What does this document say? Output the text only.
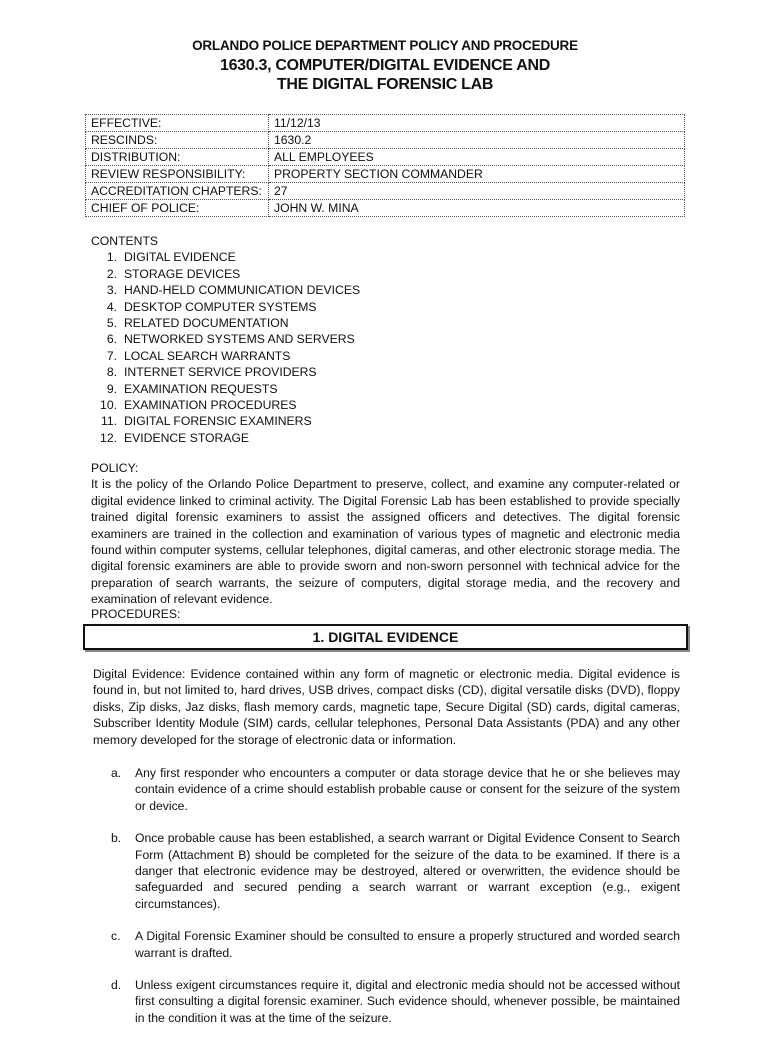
ORLANDO POLICE DEPARTMENT POLICY AND PROCEDURE
1630.3, COMPUTER/DIGITAL EVIDENCE AND
THE DIGITAL FORENSIC LAB
EFFECTIVE:	11/12/13
RESCINDS:	1630.2
DISTRIBUTION:	ALL EMPLOYEES
REVIEW RESPONSIBILITY:	PROPERTY SECTION COMMANDER
ACCREDITATION CHAPTERS:	27
CHIEF OF POLICE:	JOHN W. MINA
CONTENTS
1. DIGITAL EVIDENCE
2. STORAGE DEVICES
3. HAND-HELD COMMUNICATION DEVICES
4. DESKTOP COMPUTER SYSTEMS
5. RELATED DOCUMENTATION
6. NETWORKED SYSTEMS AND SERVERS
7. LOCAL SEARCH WARRANTS
8. INTERNET SERVICE PROVIDERS
9. EXAMINATION REQUESTS
10. EXAMINATION PROCEDURES
11. DIGITAL FORENSIC EXAMINERS
12. EVIDENCE STORAGE
POLICY:

It is the policy of the Orlando Police Department to preserve, collect, and examine any computer-related or digital evidence linked to criminal activity. The Digital Forensic Lab has been established to provide specially trained digital forensic examiners to assist the assigned officers and detectives. The digital forensic examiners are trained in the collection and examination of various types of magnetic and electronic media found within computer systems, cellular telephones, digital cameras, and other electronic storage media. The digital forensic examiners are able to provide sworn and non-sworn personnel with technical advice for the preparation of search warrants, the seizure of computers, digital storage media, and the recovery and examination of relevant evidence.

PROCEDURES:
1. DIGITAL EVIDENCE
Digital Evidence: Evidence contained within any form of magnetic or electronic media. Digital evidence is found in, but not limited to, hard drives, USB drives, compact disks (CD), digital versatile disks (DVD), floppy disks, Zip disks, Jaz disks, flash memory cards, magnetic tape, Secure Digital (SD) cards, digital cameras, Subscriber Identity Module (SIM) cards, cellular telephones, Personal Data Assistants (PDA) and any other memory developed for the storage of electronic data or information.
a. Any first responder who encounters a computer or data storage device that he or she believes may contain evidence of a crime should establish probable cause or consent for the seizure of the system or device.
b. Once probable cause has been established, a search warrant or Digital Evidence Consent to Search Form (Attachment B) should be completed for the seizure of the data to be examined. If there is a danger that electronic evidence may be destroyed, altered or overwritten, the evidence should be safeguarded and secured pending a search warrant or warrant exception (e.g., exigent circumstances).
c. A Digital Forensic Examiner should be consulted to ensure a properly structured and worded search warrant is drafted.
d. Unless exigent circumstances require it, digital and electronic media should not be accessed without first consulting a digital forensic examiner. Such evidence should, whenever possible, be maintained in the condition it was at the time of the seizure.
